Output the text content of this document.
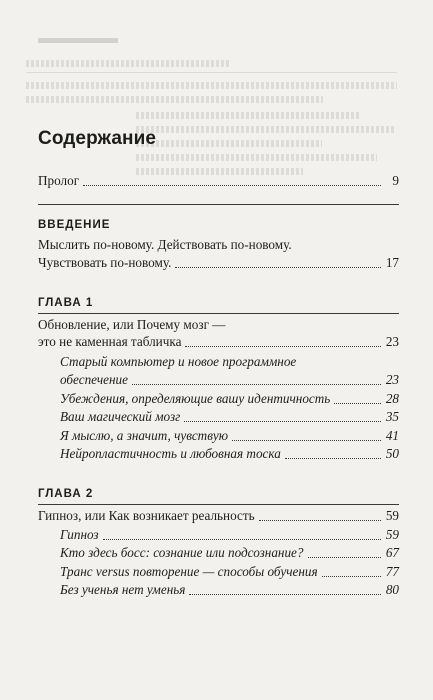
Содержание
Пролог	9
ВВЕДЕНИЕ
Мыслить по-новому. Действовать по-новому.
Чувствовать по-новому.	17
ГЛАВА 1
Обновление, или Почему мозг —
это не каменная табличка	23
Старый компьютер и новое программное
обеспечение	23
Убеждения, определяющие вашу идентичность	28
Ваш магический мозг	35
Я мыслю, а значит, чувствую	41
Нейропластичность и любовная тоска	50
ГЛАВА 2
Гипноз, или Как возникает реальность	59
Гипноз	59
Кто здесь босс: сознание или подсознание?	67
Транс versus повторение — способы обучения	77
Без ученья нет уменья	80
